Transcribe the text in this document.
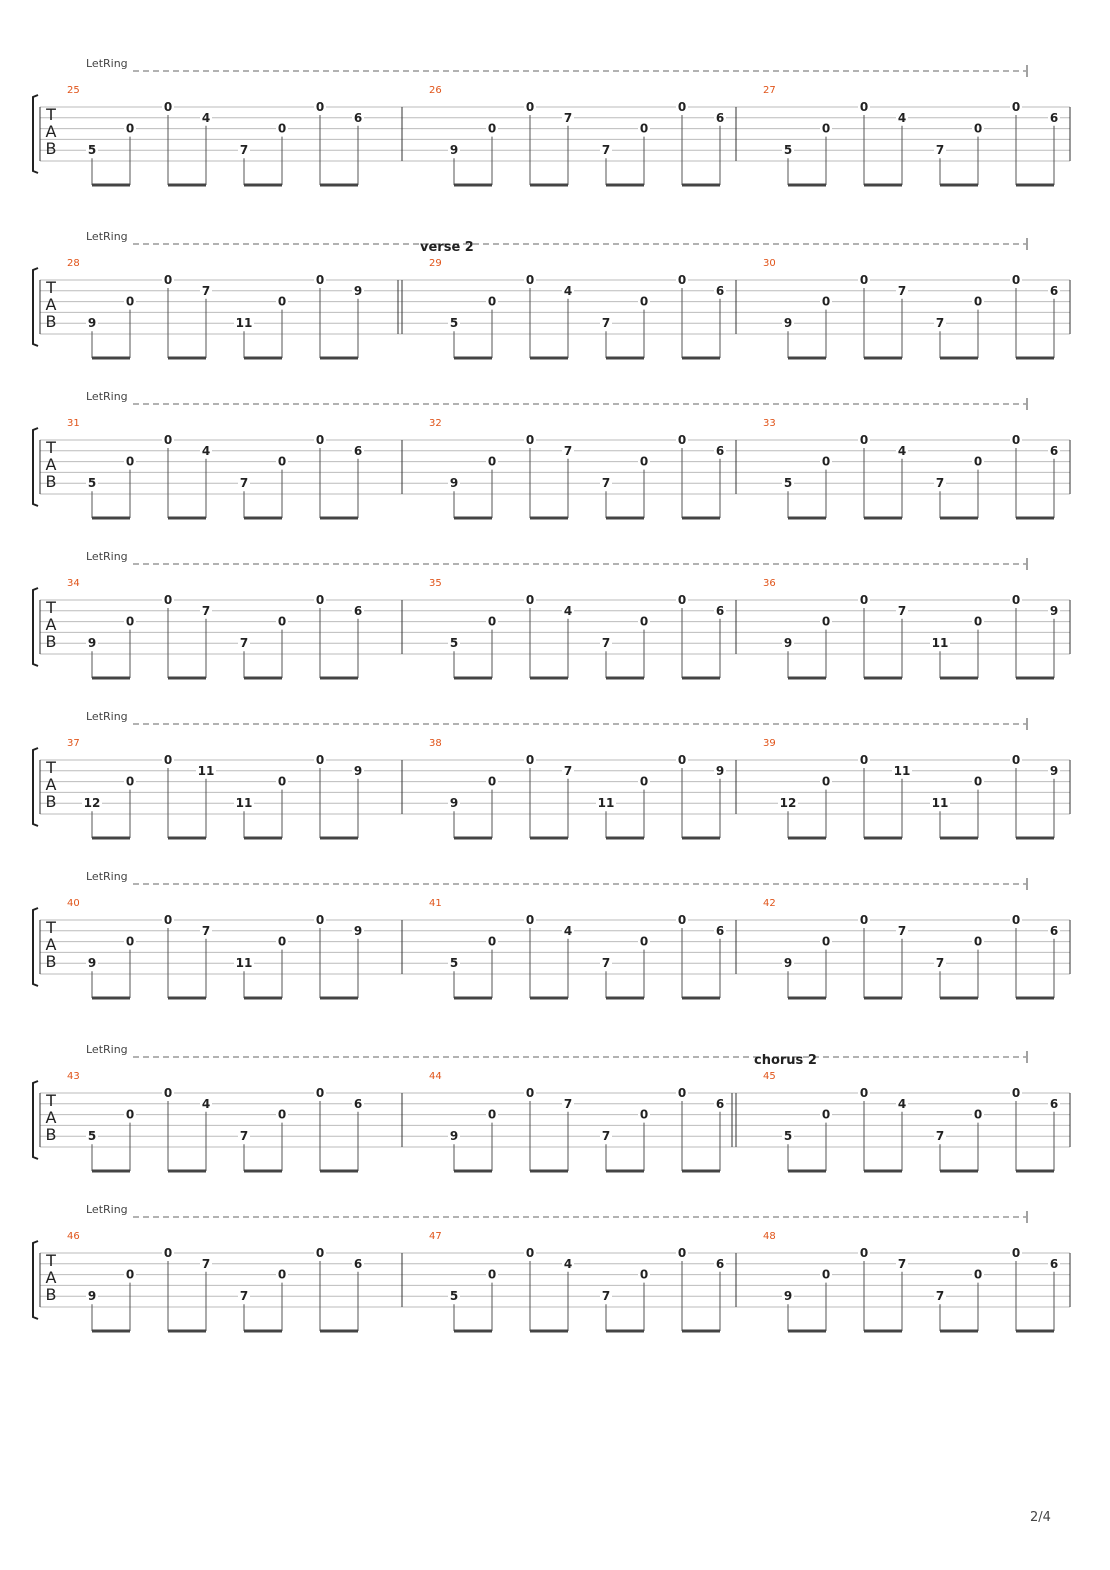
LetRing
T
A
B
25
5
0
0
4
7
0
0
6
26
9
0
0
7
7
0
0
6
27
5
0
0
4
7
0
0
6
LetRing
verse 2
T
A
B
28
9
0
0
7
11
0
0
9
29
5
0
0
4
7
0
0
6
30
9
0
0
7
7
0
0
6
LetRing
T
A
B
31
5
0
0
4
7
0
0
6
32
9
0
0
7
7
0
0
6
33
5
0
0
4
7
0
0
6
LetRing
T
A
B
34
9
0
0
7
7
0
0
6
35
5
0
0
4
7
0
0
6
36
9
0
0
7
11
0
0
9
LetRing
T
A
B
37
12
0
0
11
11
0
0
9
38
9
0
0
7
11
0
0
9
39
12
0
0
11
11
0
0
9
LetRing
T
A
B
40
9
0
0
7
11
0
0
9
41
5
0
0
4
7
0
0
6
42
9
0
0
7
7
0
0
6
LetRing
chorus 2
T
A
B
43
5
0
0
4
7
0
0
6
44
9
0
0
7
7
0
0
6
45
5
0
0
4
7
0
0
6
LetRing
T
A
B
46
9
0
0
7
7
0
0
6
47
5
0
0
4
7
0
0
6
48
9
0
0
7
7
0
0
6
2/4
